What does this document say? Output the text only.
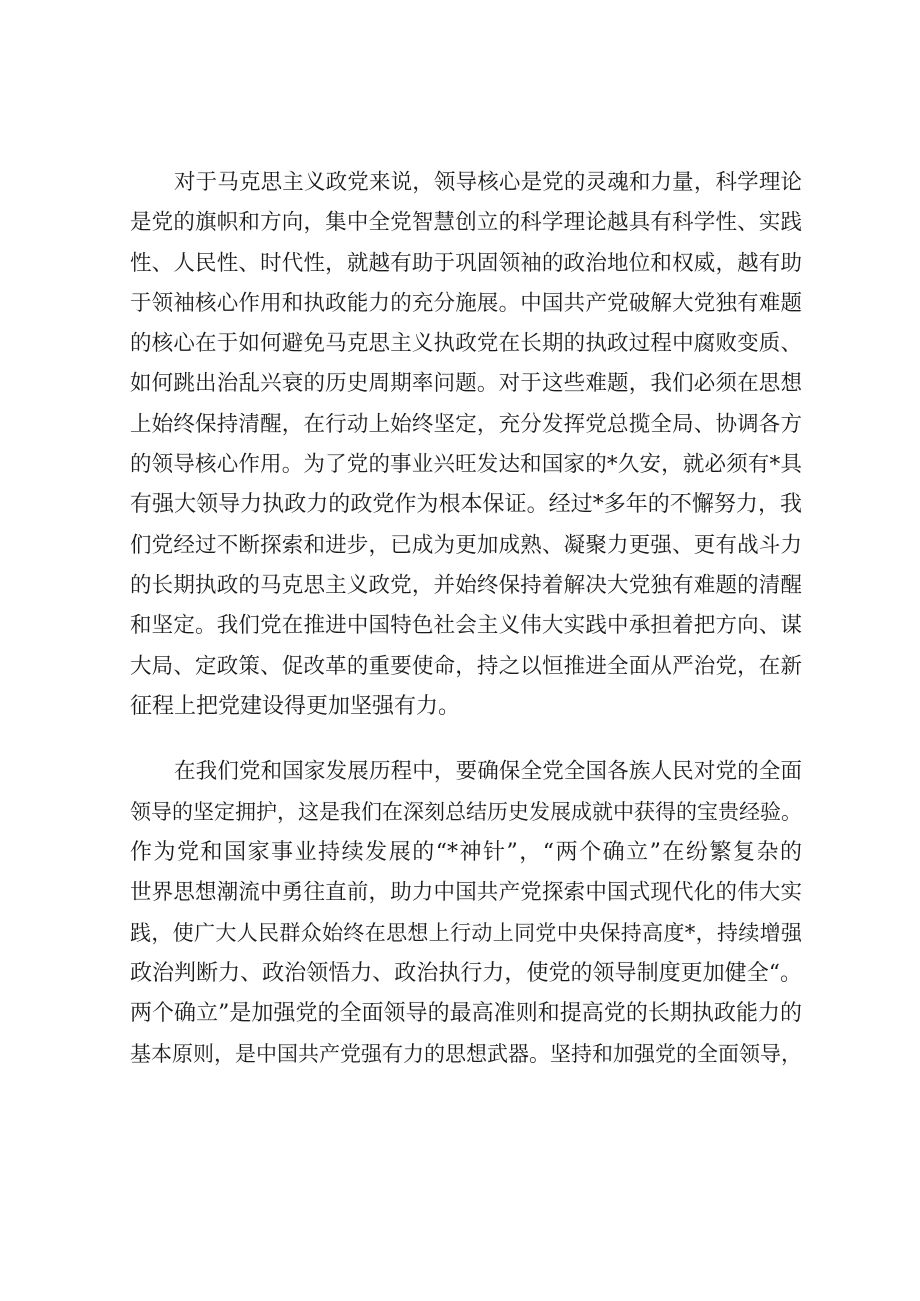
对于马克思主义政党来说，领导核心是党的灵魂和力量，科学理论
是党的旗帜和方向，集中全党智慧创立的科学理论越具有科学性、实践
性、人民性、时代性，就越有助于巩固领袖的政治地位和权威，越有助
于领袖核心作用和执政能力的充分施展。中国共产党破解大党独有难题
的核心在于如何避免马克思主义执政党在长期的执政过程中腐败变质、
如何跳出治乱兴衰的历史周期率问题。对于这些难题，我们必须在思想
上始终保持清醒，在行动上始终坚定，充分发挥党总揽全局、协调各方
的领导核心作用。为了党的事业兴旺发达和国家的*久安，就必须有*具
有强大领导力执政力的政党作为根本保证。经过*多年的不懈努力，我
们党经过不断探索和进步，已成为更加成熟、凝聚力更强、更有战斗力
的长期执政的马克思主义政党，并始终保持着解决大党独有难题的清醒
和坚定。我们党在推进中国特色社会主义伟大实践中承担着把方向、谋
大局、定政策、促改革的重要使命，持之以恒推进全面从严治党，在新
征程上把党建设得更加坚强有力。
在我们党和国家发展历程中，要确保全党全国各族人民对党的全面
领导的坚定拥护，这是我们在深刻总结历史发展成就中获得的宝贵经验。
作为党和国家事业持续发展的“*神针”，“两个确立”在纷繁复杂的
世界思想潮流中勇往直前，助力中国共产党探索中国式现代化的伟大实
践，使广大人民群众始终在思想上行动上同党中央保持高度*，持续增强
政治判断力、政治领悟力、政治执行力，使党的领导制度更加健全“。
两个确立”是加强党的全面领导的最高准则和提高党的长期执政能力的
基本原则，是中国共产党强有力的思想武器。坚持和加强党的全面领导，
